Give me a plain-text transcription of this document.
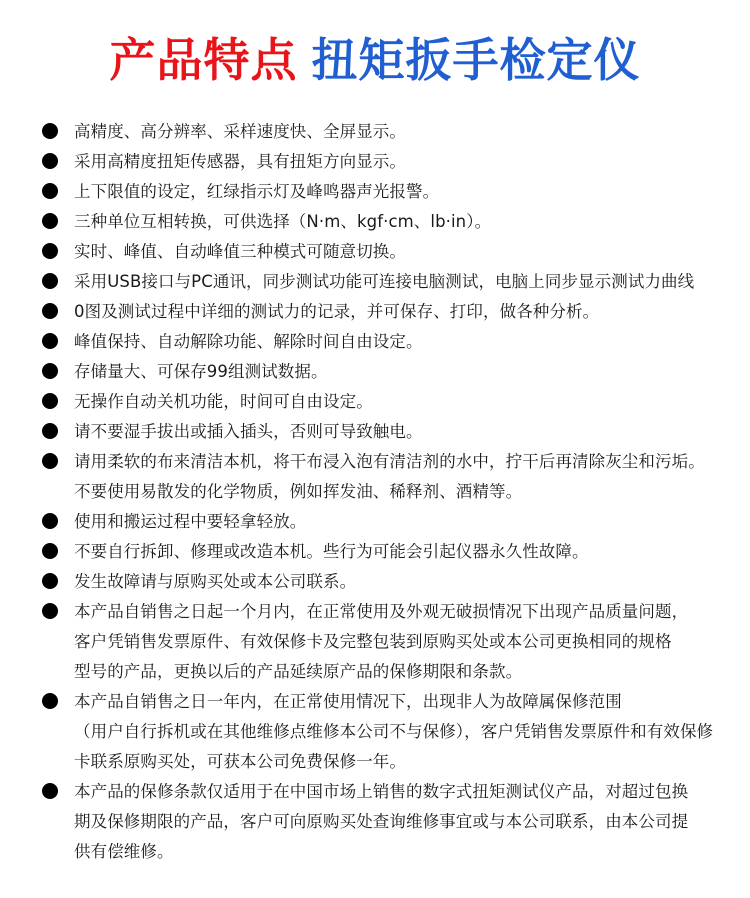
产品特点 扭矩扳手检定仪
高精度、高分辨率、采样速度快、全屏显示。
采用高精度扭矩传感器，具有扭矩方向显示。
上下限值的设定，红绿指示灯及峰鸣器声光报警。
三种单位互相转换，可供选择（N·m、kgf·cm、lb·in）。
实时、峰值、自动峰值三种模式可随意切换。
采用USB接口与PC通讯，同步测试功能可连接电脑测试，电脑上同步显示测试力曲线
0图及测试过程中详细的测试力的记录，并可保存、打印，做各种分析。
峰值保持、自动解除功能、解除时间自由设定。
存储量大、可保存99组测试数据。
无操作自动关机功能，时间可自由设定。
请不要湿手拔出或插入插头，否则可导致触电。
请用柔软的布来清洁本机，将干布浸入泡有清洁剂的水中，拧干后再清除灰尘和污垢。
不要使用易散发的化学物质，例如挥发油、稀释剂、酒精等。
使用和搬运过程中要轻拿轻放。
不要自行拆卸、修理或改造本机。些行为可能会引起仪器永久性故障。
发生故障请与原购买处或本公司联系。
本产品自销售之日起一个月内，在正常使用及外观无破损情况下出现产品质量问题，
客户凭销售发票原件、有效保修卡及完整包装到原购买处或本公司更换相同的规格
型号的产品，更换以后的产品延续原产品的保修期限和条款。
本产品自销售之日一年内，在正常使用情况下，出现非人为故障属保修范围
（用户自行拆机或在其他维修点维修本公司不与保修），客户凭销售发票原件和有效保修
卡联系原购买处，可获本公司免费保修一年。
本产品的保修条款仅适用于在中国市场上销售的数字式扭矩测试仪产品，对超过包换
期及保修期限的产品，客户可向原购买处查询维修事宜或与本公司联系，由本公司提
供有偿维修。
